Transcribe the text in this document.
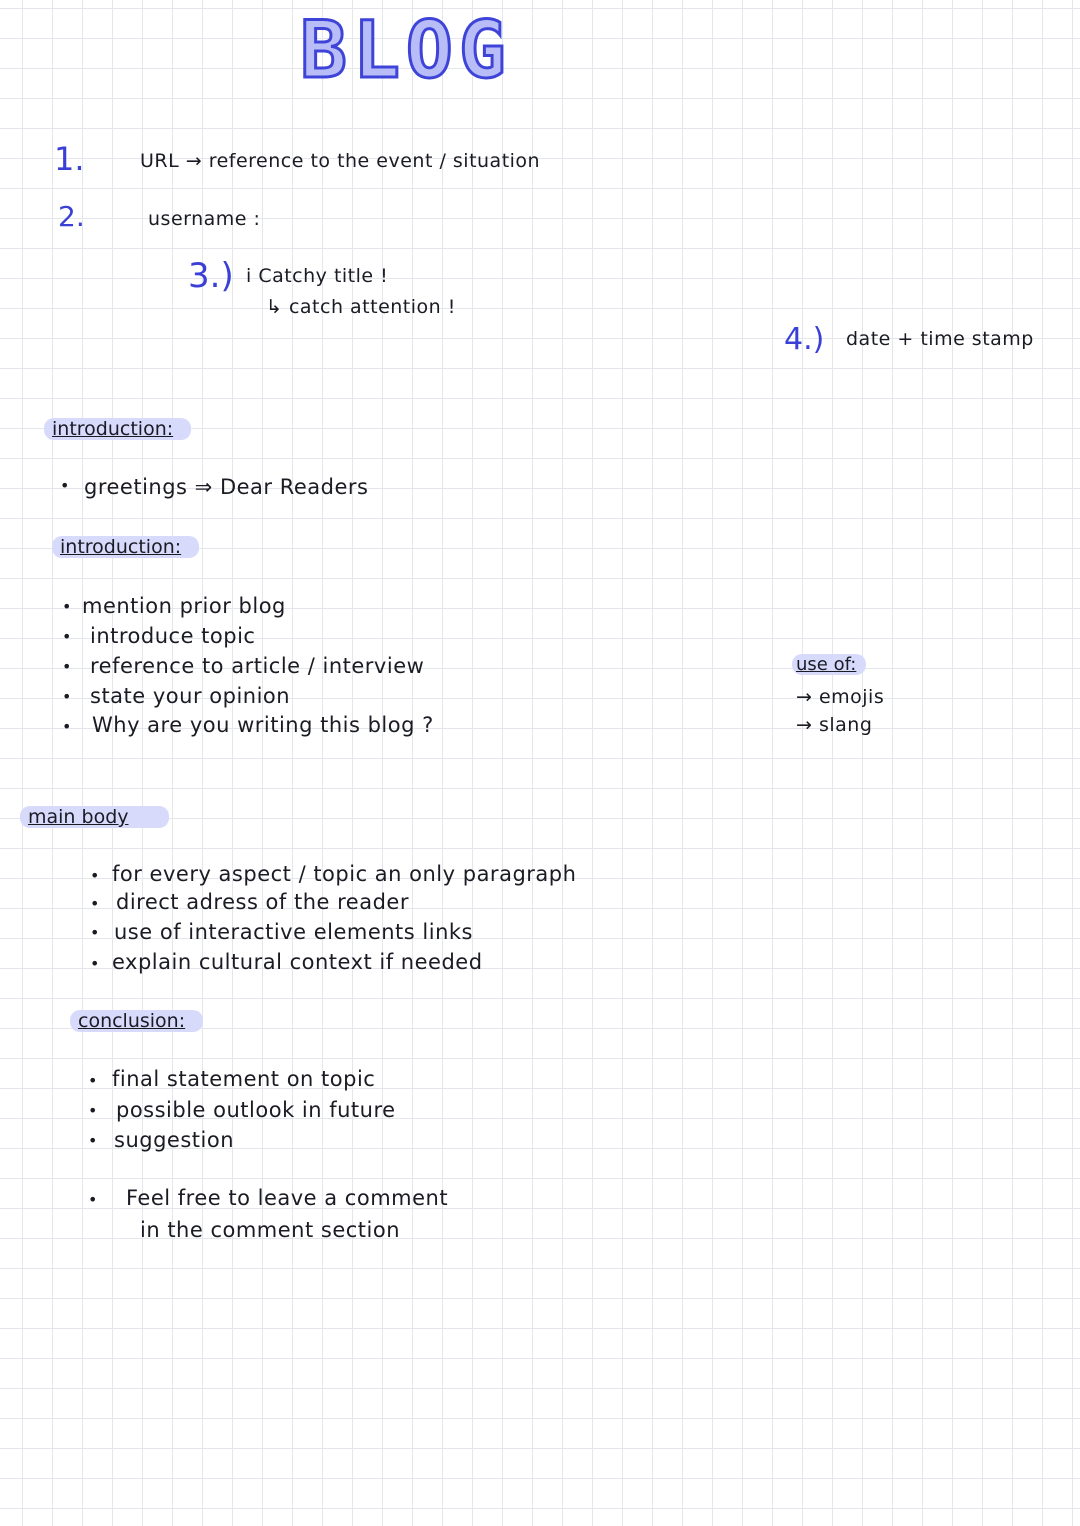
BLOG
1.	URL → reference to the event / situation
2.	username :
3.) i Catchy title !
↳ catch attention !
4.) date + time stamp
introduction:
• greetings ⇒ Dear Readers
introduction:
• mention prior blog
• introduce topic
• reference to article / interview
• state your opinion
• Why are you writing this blog ?
use of:
→ emojis
→ slang
main body
• for every aspect / topic an only paragraph
• direct adress of the reader
• use of interactive elements links
• explain cultural context if needed
conclusion:
• final statement on topic
• possible outlook in future
• suggestion
• Feel free to leave a comment
in the comment section
